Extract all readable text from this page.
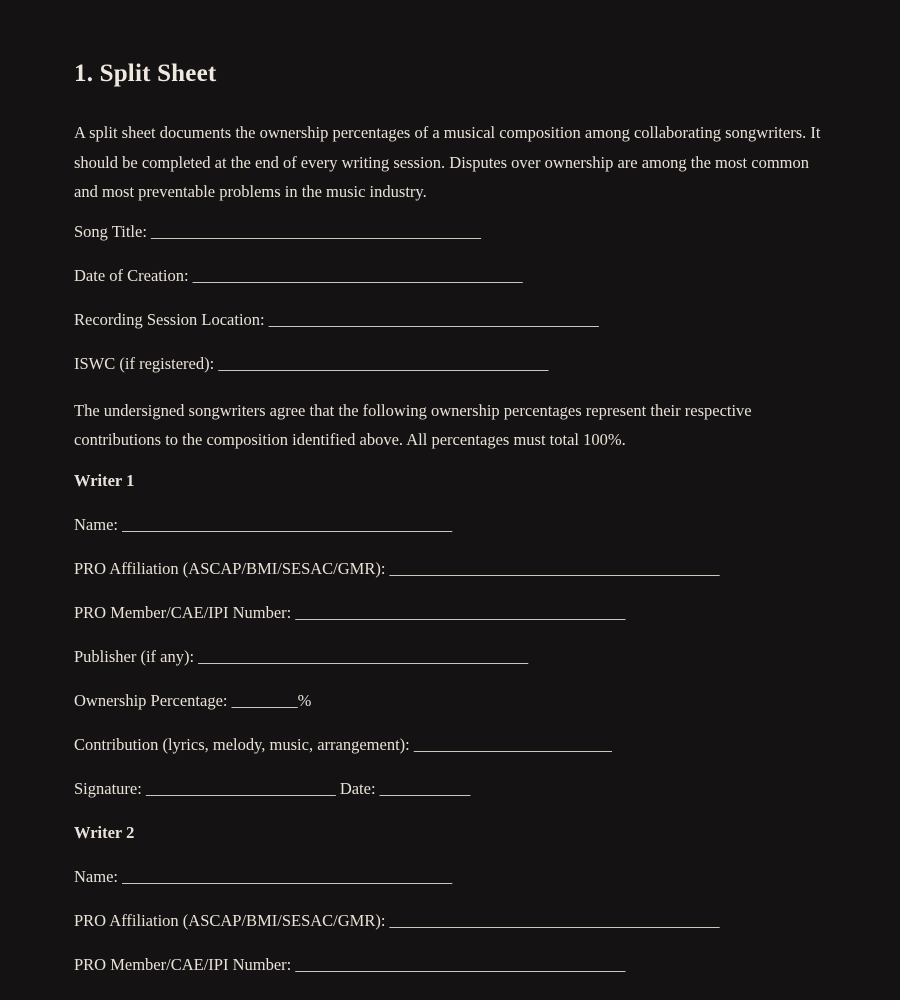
1. Split Sheet

A split sheet documents the ownership percentages of a musical composition among collaborating songwriters. It should be completed at the end of every writing session. Disputes over ownership are among the most common and most preventable problems in the music industry.

Song Title: ________________________________________
Date of Creation: ________________________________________
Recording Session Location: ________________________________________
ISWC (if registered): ________________________________________

The undersigned songwriters agree that the following ownership percentages represent their respective contributions to the composition identified above. All percentages must total 100%.

Writer 1
Name: ________________________________________
PRO Affiliation (ASCAP/BMI/SESAC/GMR): ________________________________________
PRO Member/CAE/IPI Number: ________________________________________
Publisher (if any): ________________________________________
Ownership Percentage: ________%
Contribution (lyrics, melody, music, arrangement): ________________________
Signature: _______________________ Date: ___________
Writer 2
Name: ________________________________________
PRO Affiliation (ASCAP/BMI/SESAC/GMR): ________________________________________
PRO Member/CAE/IPI Number: ________________________________________
